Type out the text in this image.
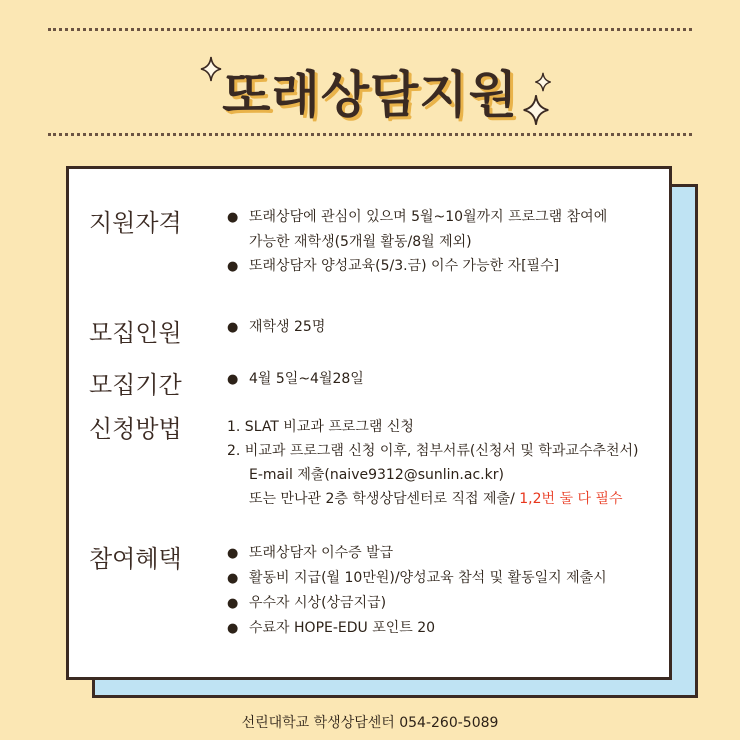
또래상담지원
지원자격	● 또래상담에 관심이 있으며 5월~10월까지 프로그램 참여에
가능한 재학생(5개월 활동/8월 제외)
● 또래상담자 양성교육(5/3.금) 이수 가능한 자[필수]
모집인원	● 재학생 25명
모집기간	● 4월 5일~4월28일
신청방법	1. SLAT 비교과 프로그램 신청
2. 비교과 프로그램 신청 이후, 첨부서류(신청서 및 학과교수추천서)
E-mail 제출(naive9312@sunlin.ac.kr)
또는 만나관 2층 학생상담센터로 직접 제출/ 1,2번 둘 다 필수
참여혜택	● 또래상담자 이수증 발급
● 활동비 지급(월 10만원)/양성교육 참석 및 활동일지 제출시
● 우수자 시상(상금지급)
● 수료자 HOPE-EDU 포인트 20
선린대학교 학생상담센터 054-260-5089
